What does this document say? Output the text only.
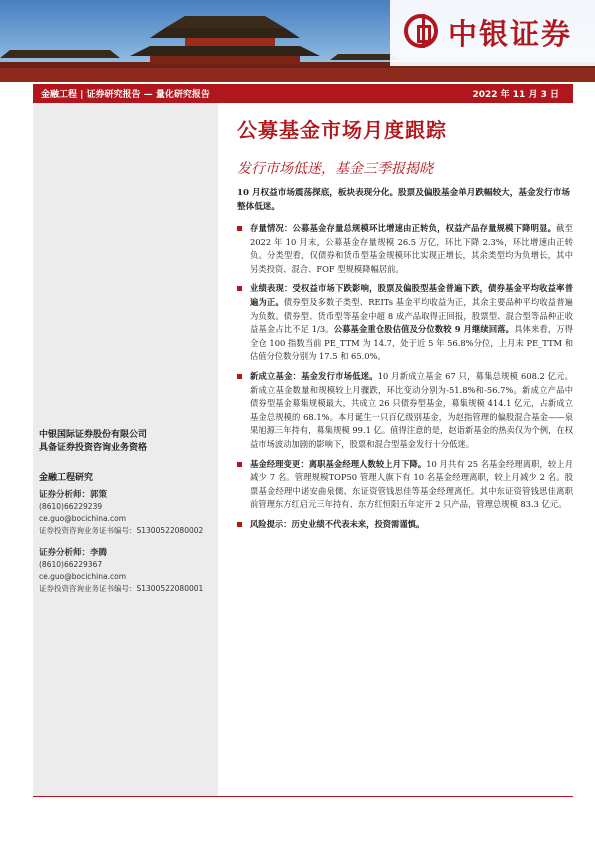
中银证券
金融工程 | 证券研究报告 — 量化研究报告	2022 年 11 月 3 日
中银国际证券股份有限公司
具备证券投资咨询业务资格
金融工程研究
证券分析师：郭策
(8610)66229239
ce.guo@bocichina.com
证券投资咨询业务证书编号：S1300522080002
证券分析师：李腾
(8610)66229367
ce.guo@bocichina.com
证券投资咨询业务证书编号：S1300522080001
公募基金市场月度跟踪
发行市场低迷，基金三季报揭晓
10 月权益市场震荡探底，板块表现分化。股票及偏股基金单月跌幅较大，基金发行市场整体低迷。
存量情况：公募基金存量总规模环比增速由正转负，权益产品存量规模下降明显。截至 2022 年 10 月末，公募基金存量规模 26.5 万亿，环比下降 2.3%，环比增速由正转负。分类型看，仅债券和货币型基金规模环比实现正增长，其余类型均为负增长，其中另类投资、混合、FOF 型规模降幅居前。
业绩表现：受权益市场下跌影响，股票及偏股型基金普遍下跌，债券基金平均收益率普遍为正。债券型及多数子类型、REITs 基金平均收益为正，其余主要品种平均收益普遍为负数。债券型、货币型等基金中超 8 成产品取得正回报，股票型、混合型等品种正收益基金占比不足 1/3。公募基金重仓股估值及分位数较 9 月继续回落。具体来看，万得全仓 100 指数当前 PE_TTM 为 14.7，处于近 5 年 56.8%分位，上月末 PE_TTM 和估值分位数分别为 17.5 和 65.0%。
新成立基金：基金发行市场低迷。10 月新成立基金 67 只，募集总规模 608.2 亿元。新成立基金数量和规模较上月骤跌，环比变动分别为-51.8%和-56.7%。新成立产品中债券型基金募集规模最大，共成立 26 只债券型基金，募集规模 414.1 亿元，占新成立基金总规模的 68.1%。本月诞生一只百亿级别基金，为赵指管理的偏股混合基金——泉果旭源三年持有，募集规模 99.1 亿。值得注意的是，赵诣新基金的热卖仅为个例，在权益市场波动加剧的影响下，股票和混合型基金发行十分低迷。
基金经理变更：离职基金经理人数较上月下降。10 月共有 25 名基金经理离职，较上月减少 7 名。管理规模TOP50 管理人旗下有 10 名基金经理离职，较上月减少 2 名。股票基金经理中诺安曲泉儒、东证资管钱思佳等基金经理离任。其中东证资管钱思佳离职前管理东方红启元三年持有、东方红恒阳五年定开 2 只产品，管理总规模 83.3 亿元。
风险提示：历史业绩不代表未来，投资需谨慎。
